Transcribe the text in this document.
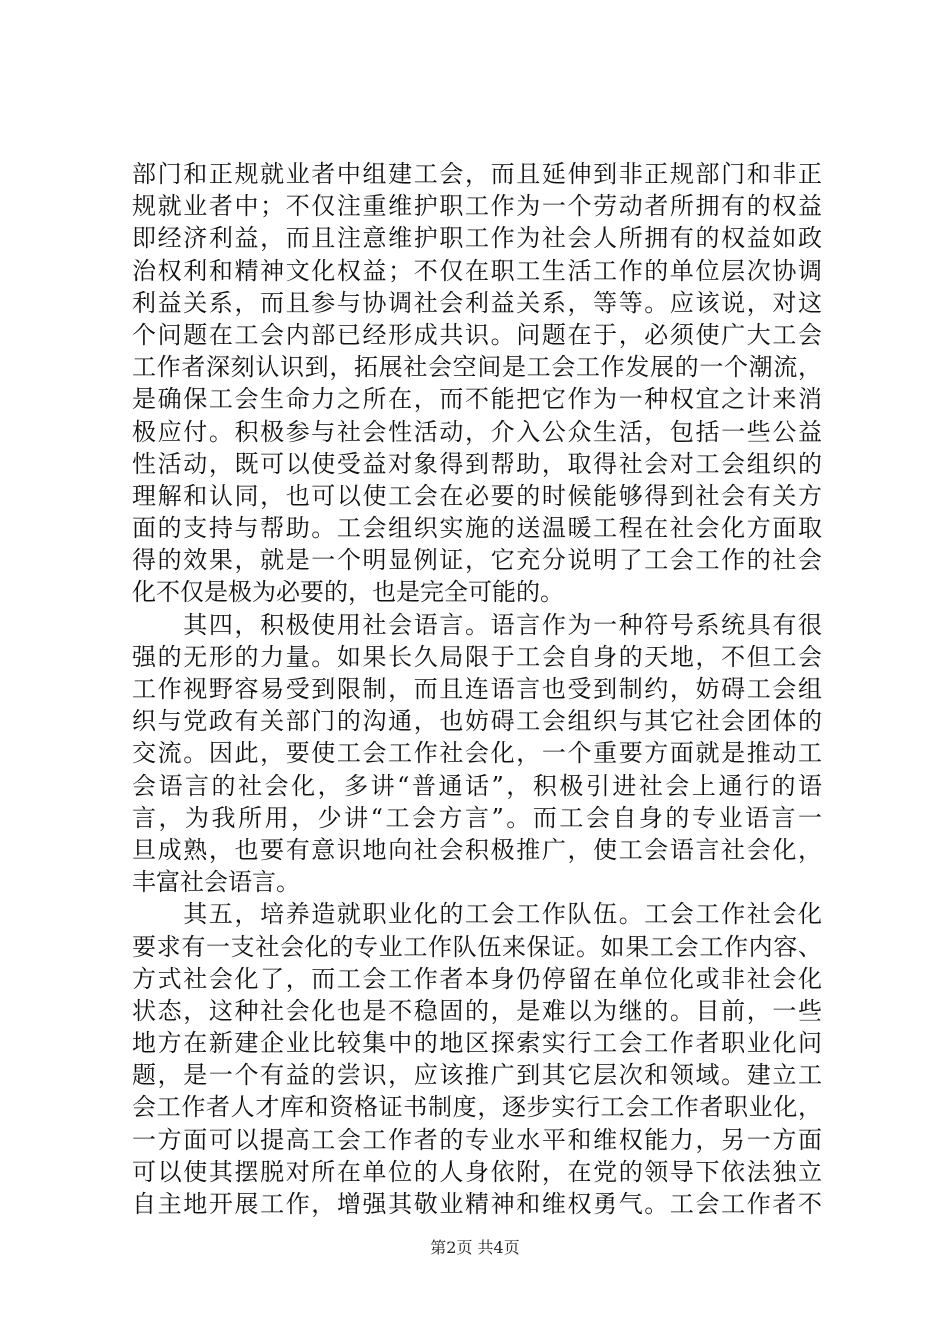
部门和正规就业者中组建工会，而且延伸到非正规部门和非正
规就业者中；不仅注重维护职工作为一个劳动者所拥有的权益
即经济利益，而且注意维护职工作为社会人所拥有的权益如政
治权利和精神文化权益；不仅在职工生活工作的单位层次协调
利益关系，而且参与协调社会利益关系，等等。应该说，对这
个问题在工会内部已经形成共识。问题在于，必须使广大工会
工作者深刻认识到，拓展社会空间是工会工作发展的一个潮流，
是确保工会生命力之所在，而不能把它作为一种权宜之计来消
极应付。积极参与社会性活动，介入公众生活，包括一些公益
性活动，既可以使受益对象得到帮助，取得社会对工会组织的
理解和认同，也可以使工会在必要的时候能够得到社会有关方
面的支持与帮助。工会组织实施的送温暖工程在社会化方面取
得的效果，就是一个明显例证，它充分说明了工会工作的社会
化不仅是极为必要的，也是完全可能的。
　　其四，积极使用社会语言。语言作为一种符号系统具有很
强的无形的力量。如果长久局限于工会自身的天地，不但工会
工作视野容易受到限制，而且连语言也受到制约，妨碍工会组
织与党政有关部门的沟通，也妨碍工会组织与其它社会团体的
交流。因此，要使工会工作社会化，一个重要方面就是推动工
会语言的社会化，多讲“普通话”，积极引进社会上通行的语
言，为我所用，少讲“工会方言”。而工会自身的专业语言一
旦成熟，也要有意识地向社会积极推广，使工会语言社会化，
丰富社会语言。
　　其五，培养造就职业化的工会工作队伍。工会工作社会化
要求有一支社会化的专业工作队伍来保证。如果工会工作内容、
方式社会化了，而工会工作者本身仍停留在单位化或非社会化
状态，这种社会化也是不稳固的，是难以为继的。目前，一些
地方在新建企业比较集中的地区探索实行工会工作者职业化问
题，是一个有益的尝识，应该推广到其它层次和领域。建立工
会工作者人才库和资格证书制度，逐步实行工会工作者职业化，
一方面可以提高工会工作者的专业水平和维权能力，另一方面
可以使其摆脱对所在单位的人身依附，在党的领导下依法独立
自主地开展工作，增强其敬业精神和维权勇气。工会工作者不
第2页 共4页
